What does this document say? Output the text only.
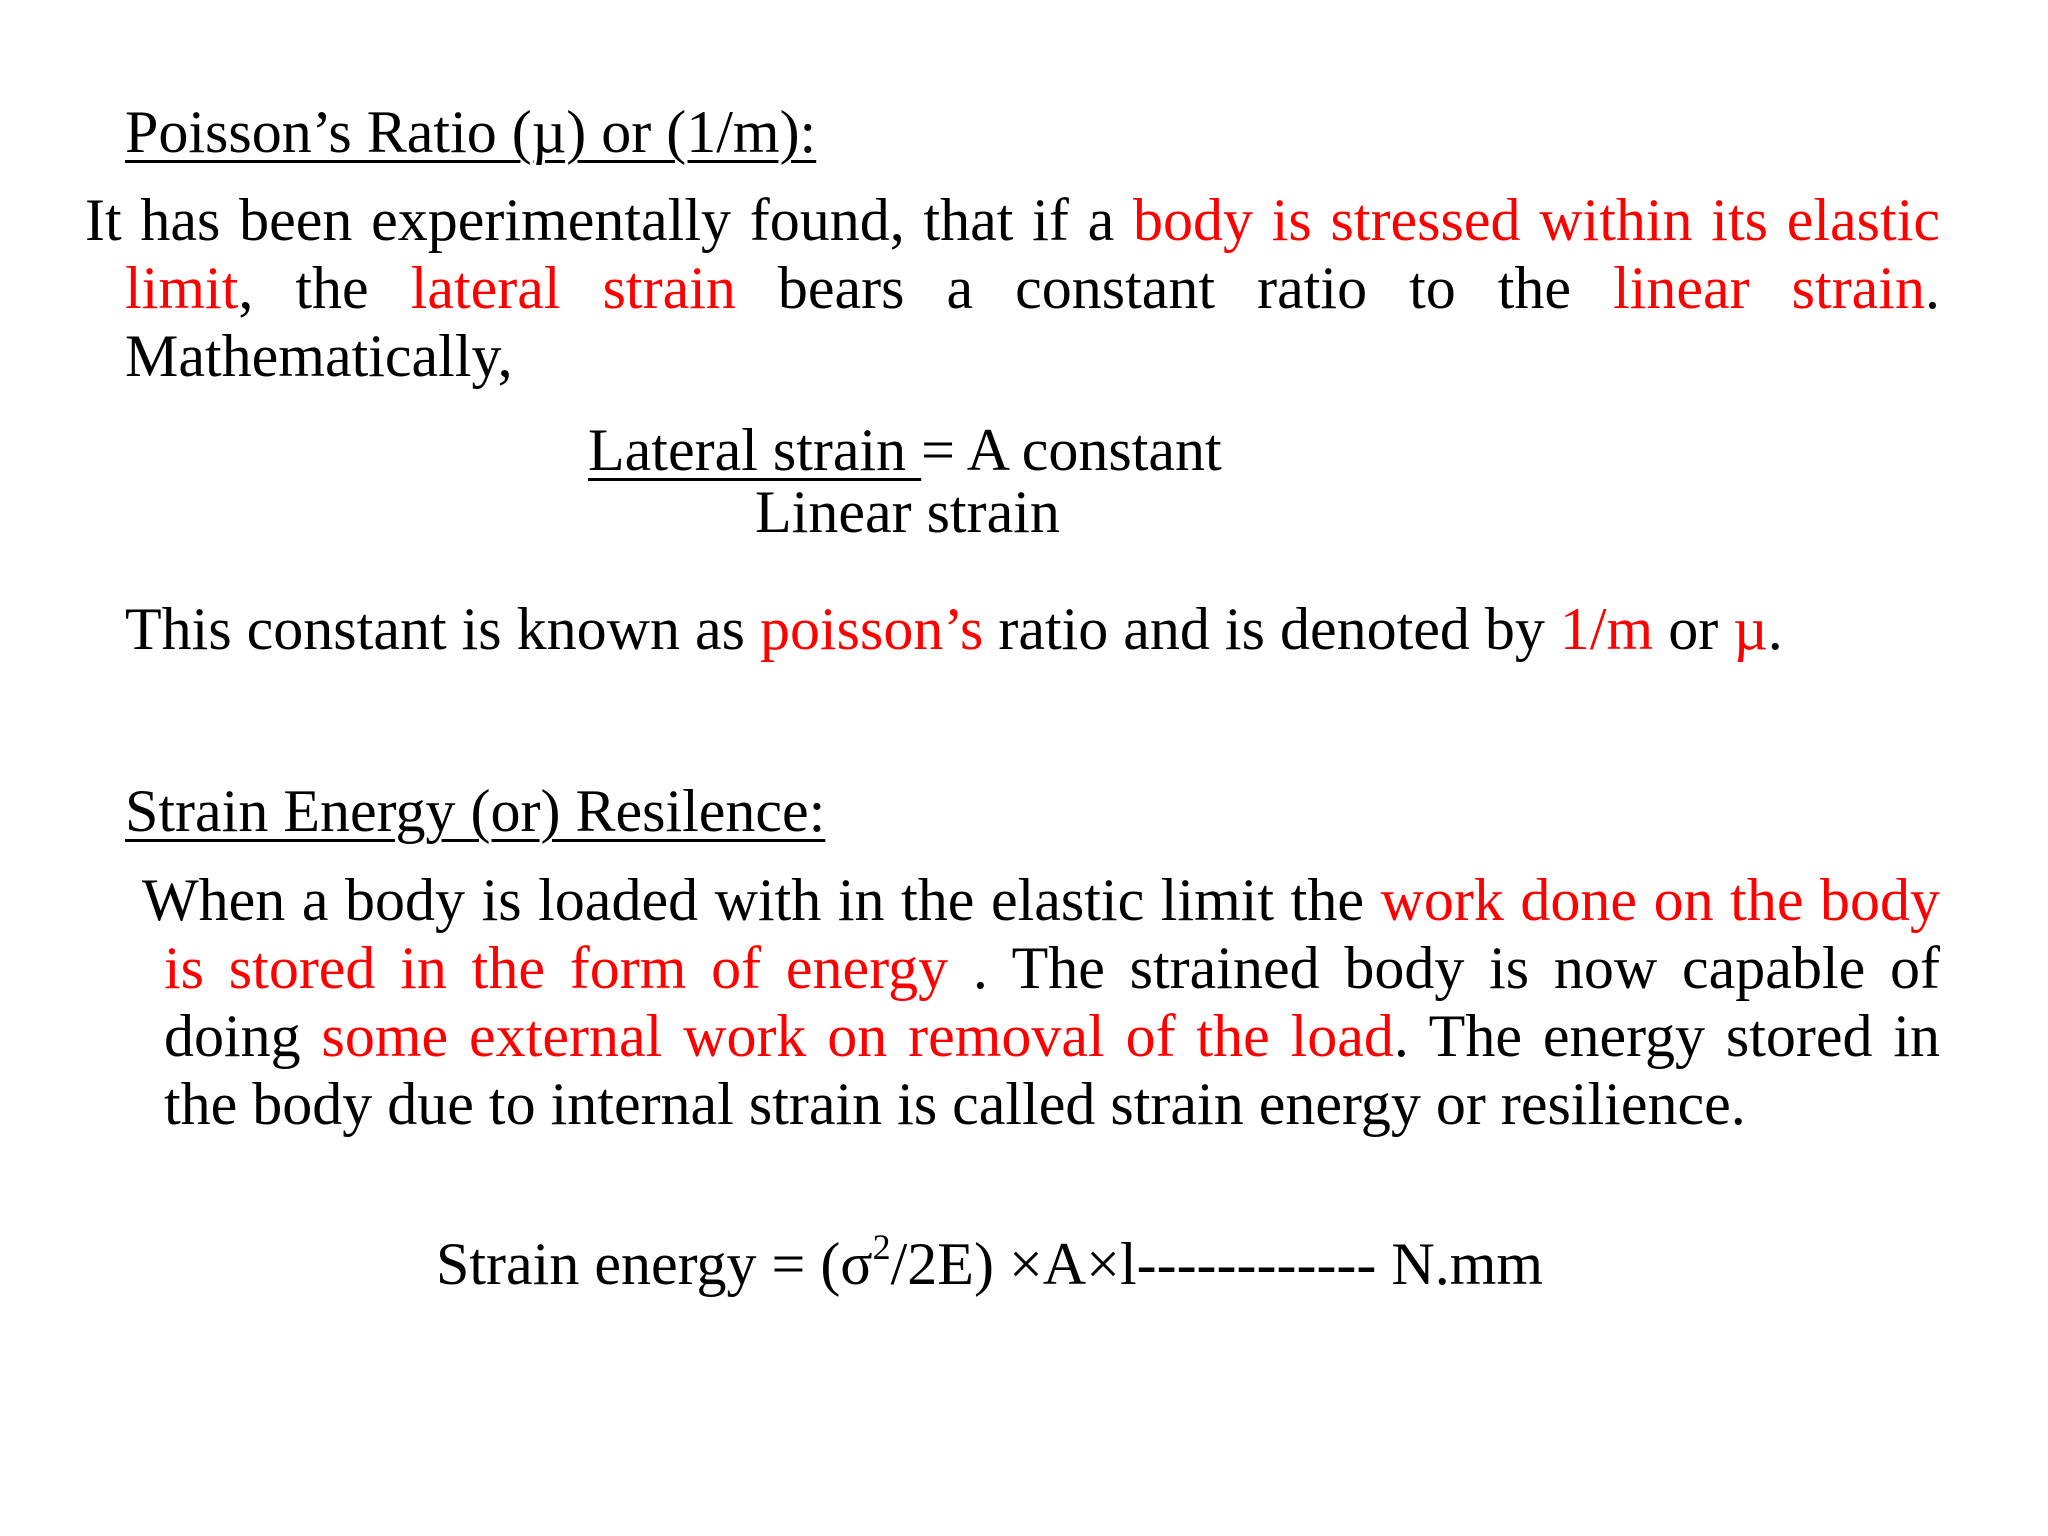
Poisson’s Ratio (µ) or (1/m):
It has been experimentally found, that if a body is stressed within its elastic limit, the lateral strain bears a constant ratio to the linear strain. Mathematically,
Lateral strain = A constant
Linear strain
This constant is known as poisson’s ratio and is denoted by 1/m or µ.
Strain Energy (or) Resilence:
When a body is loaded with in the elastic limit the work done on the body is stored in the form of energy . The strained body is now capable of doing some external work on removal of the load. The energy stored in the body due to internal strain is called strain energy or resilience.
Strain energy = $(\sigma^2/2E) \times A\times l------------$ N.mm
